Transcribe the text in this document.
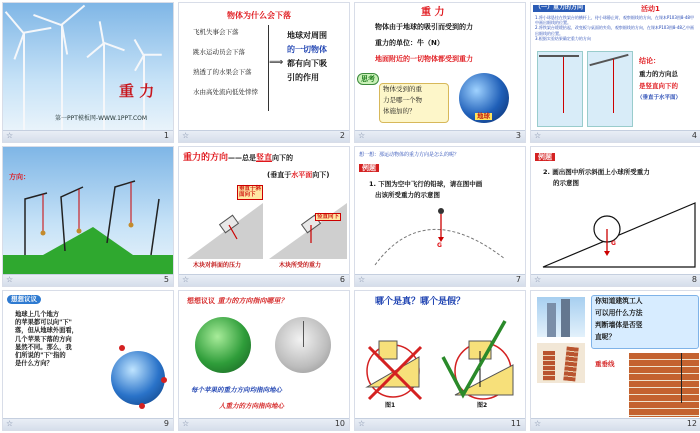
重 力
第一PPT模板网-WWW.1PPT.COM
☆	1
物体为什么会下落
飞机失事会下落
跳水运动员会下落
熟透了的水果会下落
水由高处流向低处悻悻
⟹
地球对周围
的一切物体
都有向下吸
引的作用
☆	2
重 力
物体由于地球的吸引而受到的力
重力的单位：牛（N）
地面附近的一切物体都受到重力
思考
物体受到的重
力是哪一个物
体施加的？
地球
☆	3
（一）重力的方向	活动1
1.将小球悬挂在铁架台的横杆上，待小球静止时，观察细线的方向，在课本P103图8-48甲中画出细线的位置。
2.将铁架台缓缓抬起，改变板与桌面的夹角，观察细线的方向，在课本P103图8-48乙中画出细线的位置。
3.根据实验结果确定重力的方向
结论：
重力的方向总
是竖直向下的
（垂直于水平面）
☆	4
方向：
☆	5
重力的方向——总是竖直向下的
(垂直于水平面向下)
垂直于斜
面向下
竖直向下
木块对斜面的压力	木块所受的重力
☆	6
想一想：那运动物体的重力方向是怎么的呢？
例题
1. 下图为空中飞行的铅球，请在图中画
出该所受重力的示意图
G
☆	7
例题
2. 画出图中所示斜面上小球所受重力
的示意图
G
☆	8
想想议议
地球上几个地方
的苹果都可以向"下"
落，但从地球外面看，
几个苹果下落的方向
显然不同。那么，我
们所说的"下"指的
是什么方向？
☆	9
想想议议 重力的方向指向哪里？
每个苹果的重力方向均指向地心
人重力的方向指向地心
☆	10
哪个是真？哪个是假？
图1	图2
☆	11
你知道建筑工人
可以用什么方法
判断墙体是否竖
直呢？
重垂线
☆	12
